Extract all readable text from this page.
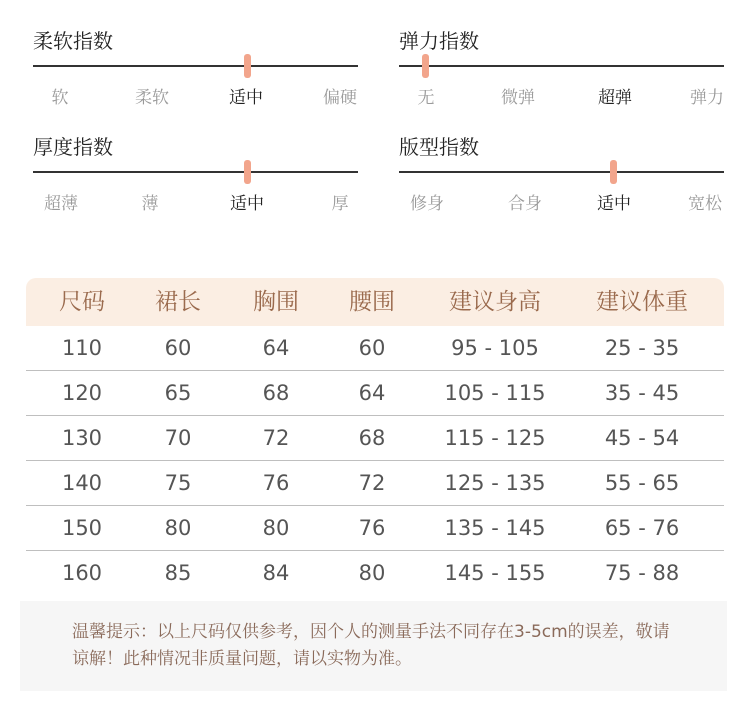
柔软指数
软	柔软	适中	偏硬
弹力指数
无	微弹	超弹	弹力
厚度指数
超薄	薄	适中	厚
版型指数
修身	合身	适中	宽松
尺码 裙长 胸围 腰围 建议身高 建议体重
110	60	64	60	95 - 105	25 - 35
120	65	68	64	105 - 115	35 - 45
130	70	72	68	115 - 125	45 - 54
140	75	76	72	125 - 135	55 - 65
150	80	80	76	135 - 145	65 - 76
160	85	84	80	145 - 155	75 - 88
温馨提示：以上尺码仅供参考，因个人的测量手法不同存在3-5cm的误差，敬请谅解！此种情况非质量问题，请以实物为准。
